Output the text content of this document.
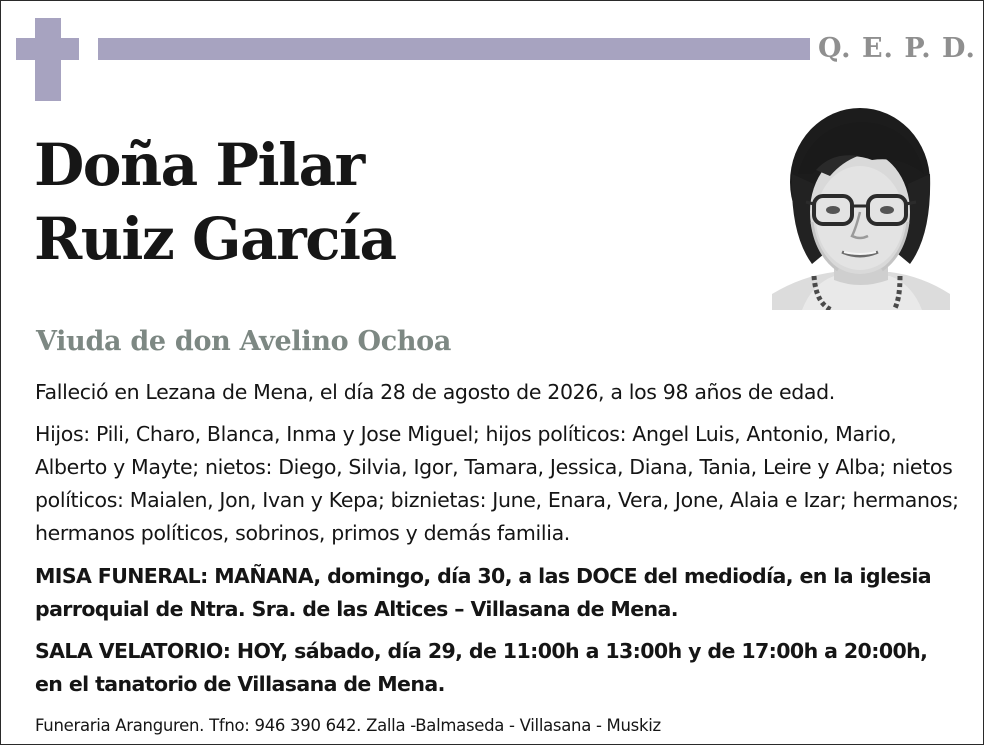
Q. E. P. D.
Doña Pilar
Ruiz García
Viuda de don Avelino Ochoa
Falleció en Lezana de Mena, el día 28 de agosto de 2026, a los 98 años de edad.
Hijos: Pili, Charo, Blanca, Inma y Jose Miguel; hijos políticos: Angel Luis, Antonio, Mario, Alberto y Mayte; nietos: Diego, Silvia, Igor, Tamara, Jessica, Diana, Tania, Leire y Alba; nietos políticos: Maialen, Jon, Ivan y Kepa; biznietas: June, Enara, Vera, Jone, Alaia e Izar; hermanos; hermanos políticos, sobrinos, primos y demás familia.
MISA FUNERAL: MAÑANA, domingo, día 30, a las DOCE del mediodía, en la iglesia parroquial de Ntra. Sra. de las Altices – Villasana de Mena.
SALA VELATORIO: HOY, sábado, día 29, de 11:00h a 13:00h y de 17:00h a 20:00h, en el tanatorio de Villasana de Mena.
Funeraria Aranguren. Tfno: 946 390 642. Zalla -Balmaseda - Villasana - Muskiz
